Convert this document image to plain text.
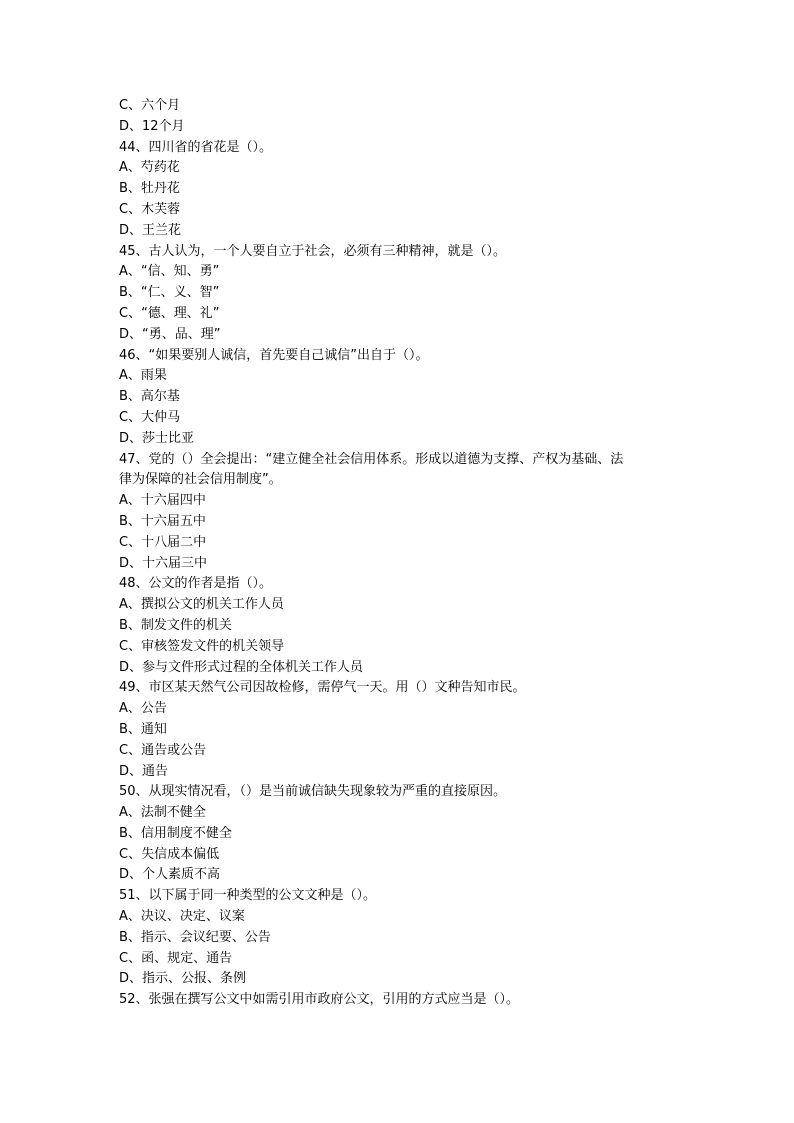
C、六个月
D、12个月
44、四川省的省花是（）。
A、芍药花
B、牡丹花
C、木芙蓉
D、王兰花
45、古人认为，一个人要自立于社会，必须有三种精神，就是（）。
A、“信、知、勇”
B、“仁、义、智”
C、“德、理、礼”
D、“勇、品、理”
46、“如果要别人诚信，首先要自己诚信”出自于（）。
A、雨果
B、高尔基
C、大仲马
D、莎士比亚
47、党的（）全会提出：“建立健全社会信用体系。形成以道德为支撑、产权为基础、法
律为保障的社会信用制度”。
A、十六届四中
B、十六届五中
C、十八届二中
D、十六届三中
48、公文的作者是指（）。
A、撰拟公文的机关工作人员
B、制发文件的机关
C、审核签发文件的机关领导
D、参与文件形式过程的全体机关工作人员
49、市区某天然气公司因故检修，需停气一天。用（）文种告知市民。
A、公告
B、通知
C、通告或公告
D、通告
50、从现实情况看，（）是当前诚信缺失现象较为严重的直接原因。
A、法制不健全
B、信用制度不健全
C、失信成本偏低
D、个人素质不高
51、以下属于同一种类型的公文文种是（）。
A、决议、决定、议案
B、指示、会议纪要、公告
C、函、规定、通告
D、指示、公报、条例
52、张强在撰写公文中如需引用市政府公文，引用的方式应当是（）。
